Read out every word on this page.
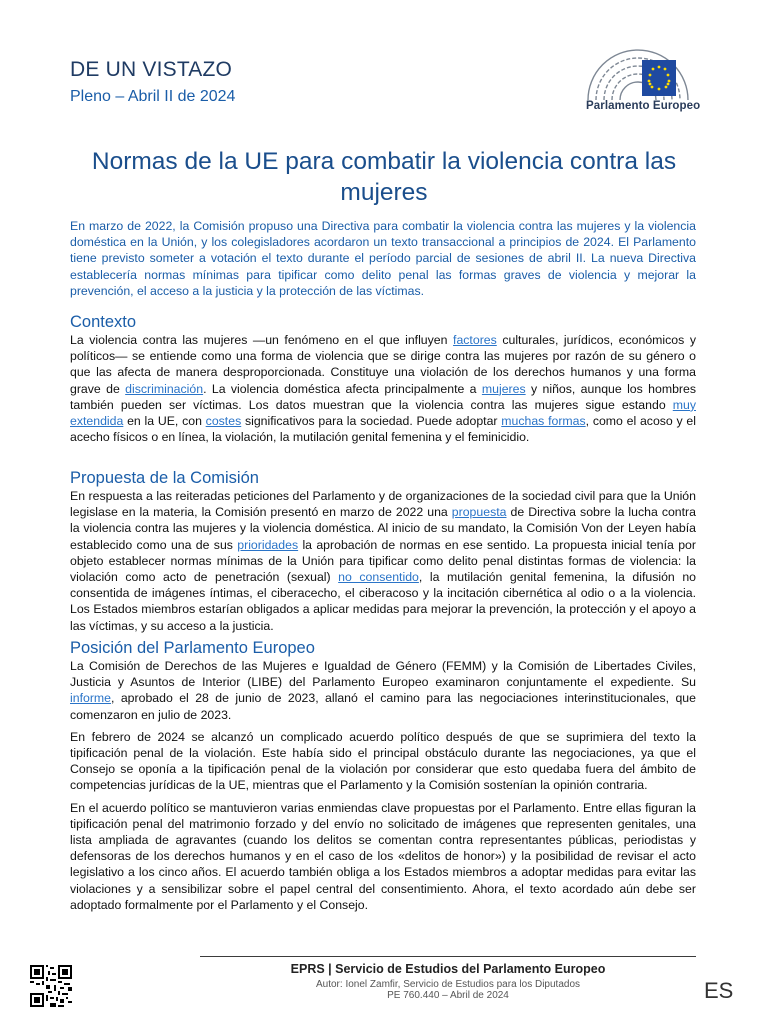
DE UN VISTAZO
Pleno – Abril II de 2024
Parlamento Europeo
Normas de la UE para combatir la violencia contra las mujeres
En marzo de 2022, la Comisión propuso una Directiva para combatir la violencia contra las mujeres y la violencia doméstica en la Unión, y los colegisladores acordaron un texto transaccional a principios de 2024. El Parlamento tiene previsto someter a votación el texto durante el período parcial de sesiones de abril II. La nueva Directiva establecería normas mínimas para tipificar como delito penal las formas graves de violencia y mejorar la prevención, el acceso a la justicia y la protección de las víctimas.
Contexto

La violencia contra las mujeres —un fenómeno en el que influyen factores culturales, jurídicos, económicos y políticos— se entiende como una forma de violencia que se dirige contra las mujeres por razón de su género o que las afecta de manera desproporcionada. Constituye una violación de los derechos humanos y una forma grave de discriminación. La violencia doméstica afecta principalmente a mujeres y niños, aunque los hombres también pueden ser víctimas. Los datos muestran que la violencia contra las mujeres sigue estando muy extendida en la UE, con costes significativos para la sociedad. Puede adoptar muchas formas, como el acoso y el acecho físicos o en línea, la violación, la mutilación genital femenina y el feminicidio.

Propuesta de la Comisión

En respuesta a las reiteradas peticiones del Parlamento y de organizaciones de la sociedad civil para que la Unión legislase en la materia, la Comisión presentó en marzo de 2022 una propuesta de Directiva sobre la lucha contra la violencia contra las mujeres y la violencia doméstica. Al inicio de su mandato, la Comisión Von der Leyen había establecido como una de sus prioridades la aprobación de normas en ese sentido. La propuesta inicial tenía por objeto establecer normas mínimas de la Unión para tipificar como delito penal distintas formas de violencia: la violación como acto de penetración (sexual) no consentido, la mutilación genital femenina, la difusión no consentida de imágenes íntimas, el ciberacecho, el ciberacoso y la incitación cibernética al odio o a la violencia. Los Estados miembros estarían obligados a aplicar medidas para mejorar la prevención, la protección y el apoyo a las víctimas, y su acceso a la justicia.

Posición del Parlamento Europeo

La Comisión de Derechos de las Mujeres e Igualdad de Género (FEMM) y la Comisión de Libertades Civiles, Justicia y Asuntos de Interior (LIBE) del Parlamento Europeo examinaron conjuntamente el expediente. Su informe, aprobado el 28 de junio de 2023, allanó el camino para las negociaciones interinstitucionales, que comenzaron en julio de 2023.

En febrero de 2024 se alcanzó un complicado acuerdo político después de que se suprimiera del texto la tipificación penal de la violación. Este había sido el principal obstáculo durante las negociaciones, ya que el Consejo se oponía a la tipificación penal de la violación por considerar que esto quedaba fuera del ámbito de competencias jurídicas de la UE, mientras que el Parlamento y la Comisión sostenían la opinión contraria.

En el acuerdo político se mantuvieron varias enmiendas clave propuestas por el Parlamento. Entre ellas figuran la tipificación penal del matrimonio forzado y del envío no solicitado de imágenes que representen genitales, una lista ampliada de agravantes (cuando los delitos se comentan contra representantes públicas, periodistas y defensoras de los derechos humanos y en el caso de los «delitos de honor») y la posibilidad de revisar el acto legislativo a los cinco años. El acuerdo también obliga a los Estados miembros a adoptar medidas para evitar las violaciones y a sensibilizar sobre el papel central del consentimiento. Ahora, el texto acordado aún debe ser adoptado formalmente por el Parlamento y el Consejo.

EPRS | Servicio de Estudios del Parlamento Europeo
Autor: Ionel Zamfir, Servicio de Estudios para los Diputados
PE 760.440 – Abril de 2024	ES
